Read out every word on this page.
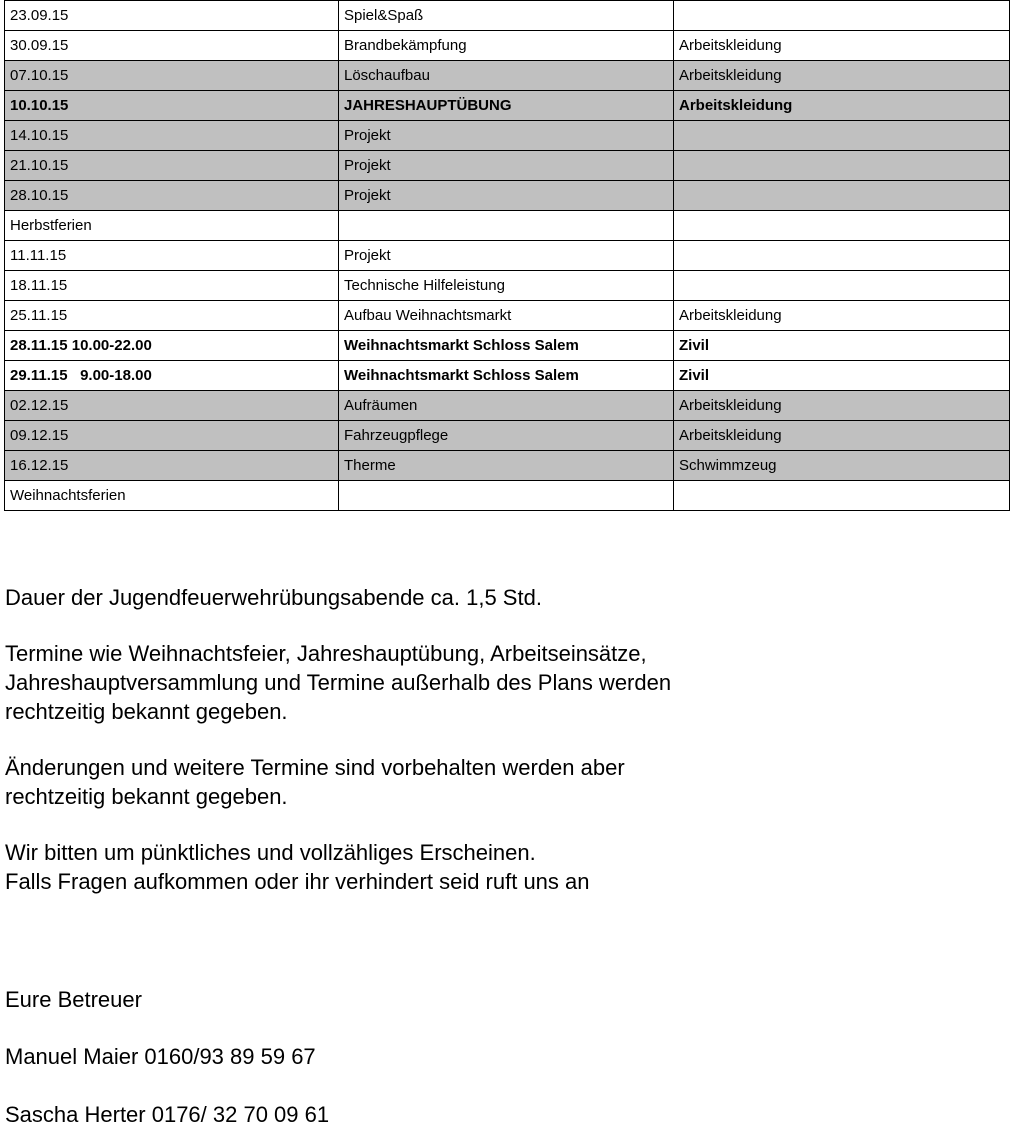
23.09.15	Spiel&Spaß	
30.09.15	Brandbekämpfung	Arbeitskleidung
07.10.15	Löschaufbau	Arbeitskleidung
10.10.15	JAHRESHAUPTÜBUNG	Arbeitskleidung
14.10.15	Projekt	
21.10.15	Projekt	
28.10.15	Projekt	
Herbstferien		
11.11.15	Projekt	
18.11.15	Technische Hilfeleistung	
25.11.15	Aufbau Weihnachtsmarkt	Arbeitskleidung
28.11.15 10.00-22.00	Weihnachtsmarkt Schloss Salem	Zivil
29.11.15   9.00-18.00	Weihnachtsmarkt Schloss Salem	Zivil
02.12.15	Aufräumen	Arbeitskleidung
09.12.15	Fahrzeugpflege	Arbeitskleidung
16.12.15	Therme	Schwimmzeug
Weihnachtsferien		

Dauer der Jugendfeuerwehrübungsabende ca. 1,5 Std.

Termine wie Weihnachtsfeier, Jahreshauptübung, Arbeitseinsätze,
Jahreshauptversammlung und Termine außerhalb des Plans werden
rechtzeitig bekannt gegeben.

Änderungen und weitere Termine sind vorbehalten werden aber
rechtzeitig bekannt gegeben.

Wir bitten um pünktliches und vollzähliges Erscheinen.
Falls Fragen aufkommen oder ihr verhindert seid ruft uns an

Eure Betreuer

Manuel Maier 0160/93 89 59 67

Sascha Herter 0176/ 32 70 09 61
